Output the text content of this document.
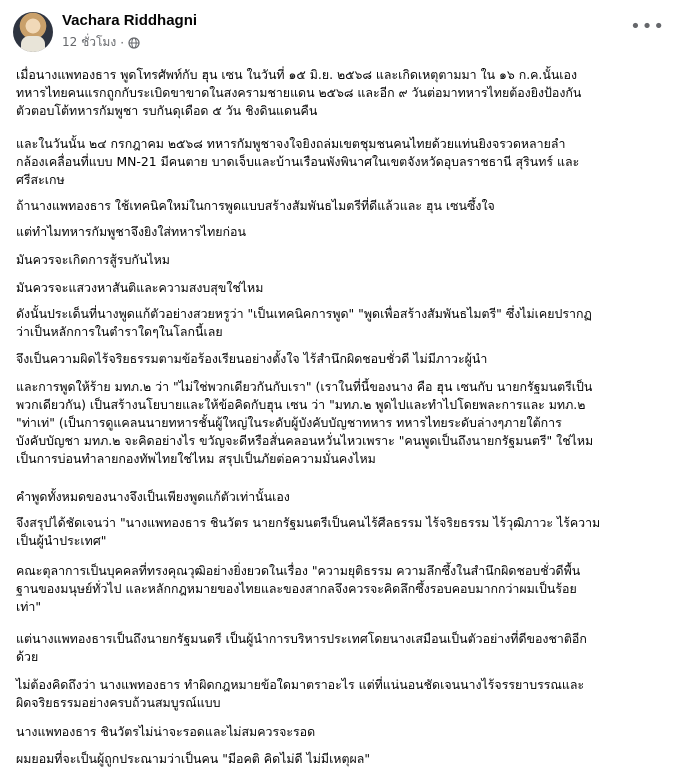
Vachara Riddhagni
12 ชั่วโมง ·
•••

เมื่อนางแพทองธาร พูดโทรศัพท์กับ ฮุน เซน ในวันที่ ๑๕ มิ.ย. ๒๕๖๘ และเกิดเหตุตามมา ใน ๑๖ ก.ค.นั้นเอง
ทหารไทยคนแรกถูกกับระเบิดขาขาดในสงครามชายแดน ๒๕๖๘ และอีก ๙ วันต่อมาทหารไทยต้องยิงป้องกัน
ตัวตอบโต้ทหารกัมพูชา รบกันดุเดือด ๕ วัน ชิงดินแดนคืน

และในวันนั้น ๒๔ กรกฎาคม ๒๕๖๘ ทหารกัมพูชาจงใจยิงถล่มเขตชุมชนคนไทยด้วยแท่นยิงจรวดหลายลำ
กล้องเคลื่อนที่แบบ MN-21 มีคนตาย บาดเจ็บและบ้านเรือนพังพินาศในเขตจังหวัดอุบลราชธานี สุรินทร์ และ
ศรีสะเกษ

ถ้านางแพทองธาร ใช้เทคนิคใหม่ในการพูดแบบสร้างสัมพันธไมตรีที่ดีแล้วและ ฮุน เซนซึ้งใจ

แต่ทำไมทหารกัมพูชาจึงยิงใส่ทหารไทยก่อน

มันควรจะเกิดการสู้รบกันไหม

มันควรจะแสวงหาสันติและความสงบสุขใช่ไหม

ดังนั้นประเด็นที่นางพูดแก้ตัวอย่างสวยหรูว่า "เป็นเทคนิคการพูด" "พูดเพื่อสร้างสัมพันธไมตรี" ซึ่งไม่เคยปรากฏ
ว่าเป็นหลักการในตำราใดๆในโลกนี้เลย

จึงเป็นความผิดไร้จริยธรรมตามข้อร้องเรียนอย่างตั้งใจ ไร้สำนึกผิดชอบชั่วดี ไม่มีภาวะผู้นำ

และการพูดให้ร้าย มทภ.๒ ว่า "ไม่ใช่พวกเดียวกันกับเรา" (เราในที่นี้ของนาง คือ ฮุน เซนกับ นายกรัฐมนตรีเป็น
พวกเดียวกัน) เป็นสร้างนโยบายและให้ข้อคิดกับฮุน เซน ว่า "มทภ.๒ พูดไปและทำไปโดยพละการและ มทภ.๒
"ท่าเท่" (เป็นการดูแคลนนายทหารชั้นผู้ใหญ่ในระดับผู้บังคับบัญชาทหาร ทหารไทยระดับล่างๆภายใต้การ
บังคับบัญชา มทภ.๒ จะคิดอย่างไร ขวัญจะดีหรือสั่นคลอนหวั่นไหวเพราะ "คนพูดเป็นถึงนายกรัฐมนตรี" ใช่ไหม
เป็นการบ่อนทำลายกองทัพไทยใช่ไหม สรุปเป็นภัยต่อความมั่นคงไหม

คำพูดทั้งหมดของนางจึงเป็นเพียงพูดแก้ตัวเท่านั้นเอง

จึงสรุปได้ชัดเจนว่า "นางแพทองธาร ชินวัตร นายกรัฐมนตรีเป็นคนไร้ศีลธรรม ไร้จริยธรรม ไร้วุฒิภาวะ ไร้ความ
เป็นผู้นำประเทศ"

คณะตุลาการเป็นบุคคลที่ทรงคุณวุฒิอย่างยิ่งยวดในเรื่อง "ความยุติธรรม ความลึกซึ้งในสำนึกผิดชอบชั่วดีพื้น
ฐานของมนุษย์ทั่วไป และหลักกฎหมายของไทยและของสากลจึงควรจะคิดลึกซึ้งรอบคอบมากกว่าผมเป็นร้อย
เท่า"

แต่นางแพทองธารเป็นถึงนายกรัฐมนตรี เป็นผู้นำการบริหารประเทศโดยนางเสมือนเป็นตัวอย่างที่ดีของชาติอีก
ด้วย

ไม่ต้องคิดถึงว่า นางแพทองธาร ทำผิดกฎหมายข้อใดมาตราอะไร แต่ที่แน่นอนชัดเจนนางไร้จรรยาบรรณและ
ผิดจริยธรรมอย่างครบถ้วนสมบูรณ์แบบ

นางแพทองธาร ชินวัตรไม่น่าจะรอดและไม่สมควรจะรอด

ผมยอมที่จะเป็นผู้ถูกประณามว่าเป็นคน "มีอคติ คิดไม่ดี ไม่มีเหตุผล"
